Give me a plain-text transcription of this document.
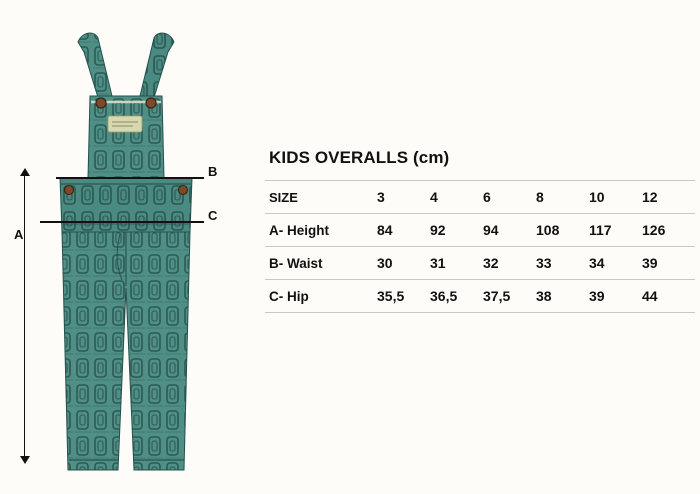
A
B
C
KIDS OVERALLS (cm)
SIZE	3	4	6	8	10	12
A- Height	84	92	94	108	117	126
B- Waist	30	31	32	33	34	39
C- Hip	35,5	36,5	37,5	38	39	44
